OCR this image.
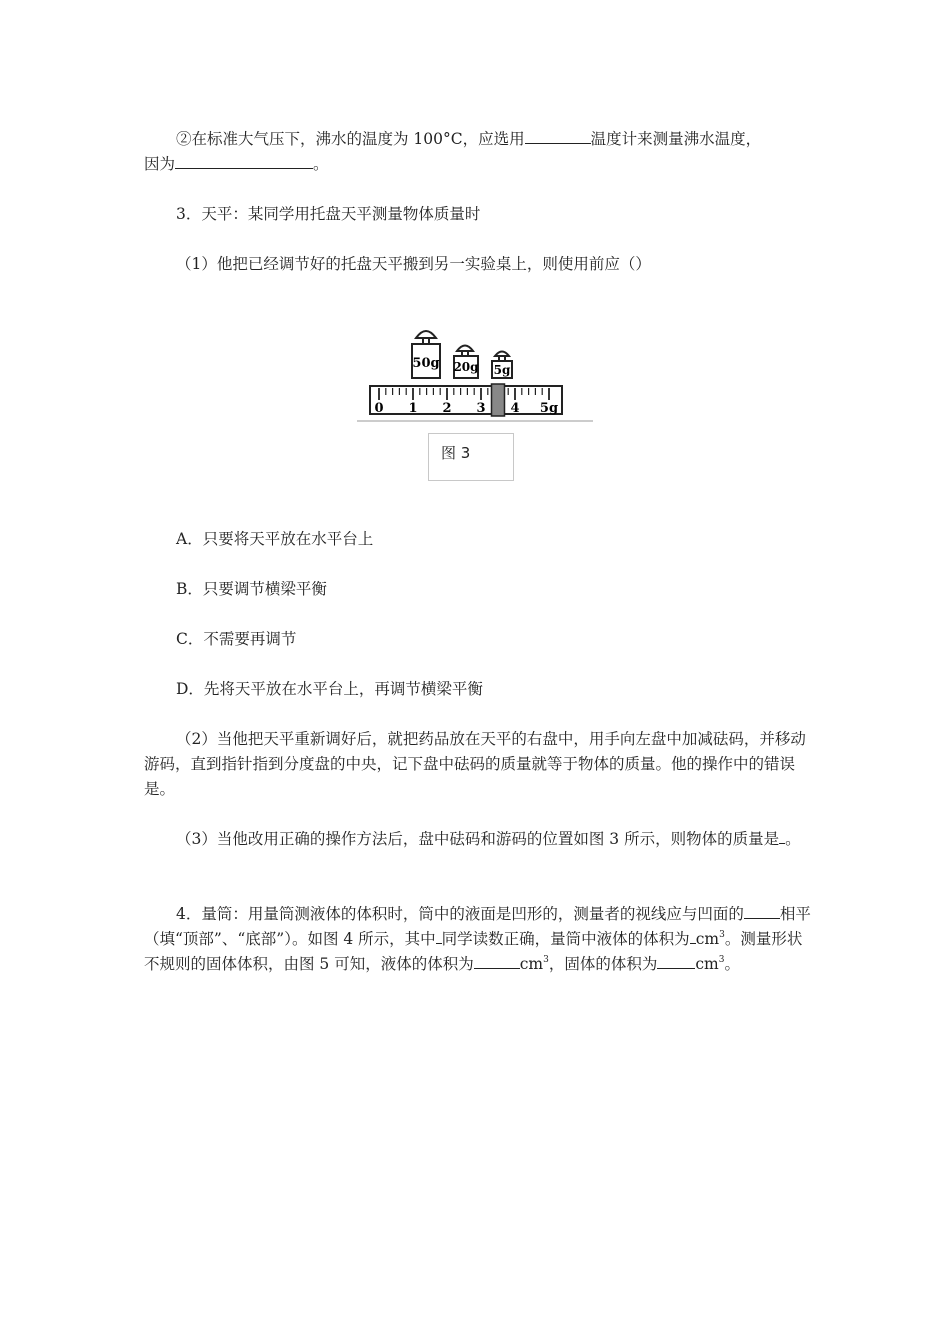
②在标准大气压下，沸水的温度为 100°C，应选用	温度计来测量沸水温度，

因为	。

3．天平：某同学用托盘天平测量物体质量时

（1）他把已经调节好的托盘天平搬到另一实验桌上，则使用前应（）

50g 20g 5g
0 1 2 3 4 5g
图 3

A．只要将天平放在水平台上

B．只要调节横梁平衡

C．不需要再调节

D．先将天平放在水平台上，再调节横梁平衡

（2）当他把天平重新调好后，就把药品放在天平的右盘中，用手向左盘中加减砝码，并移动游码，直到指针指到分度盘的中央，记下盘中砝码的质量就等于物体的质量。他的操作中的错误是。

（3）当他改用正确的操作方法后，盘中砝码和游码的位置如图 3 所示，则物体的质量是 。

4．量筒：用量筒测液体的体积时，筒中的液面是凹形的，测量者的视线应与凹面的 相平（填“顶部”、“底部”）。如图 4 所示，其中 同学读数正确，量筒中液体的体积为 $cm^3$。测量形状不规则的固体体积，由图 5 可知，液体的体积为	$cm^3$，固体的体积为 $cm^3$。
